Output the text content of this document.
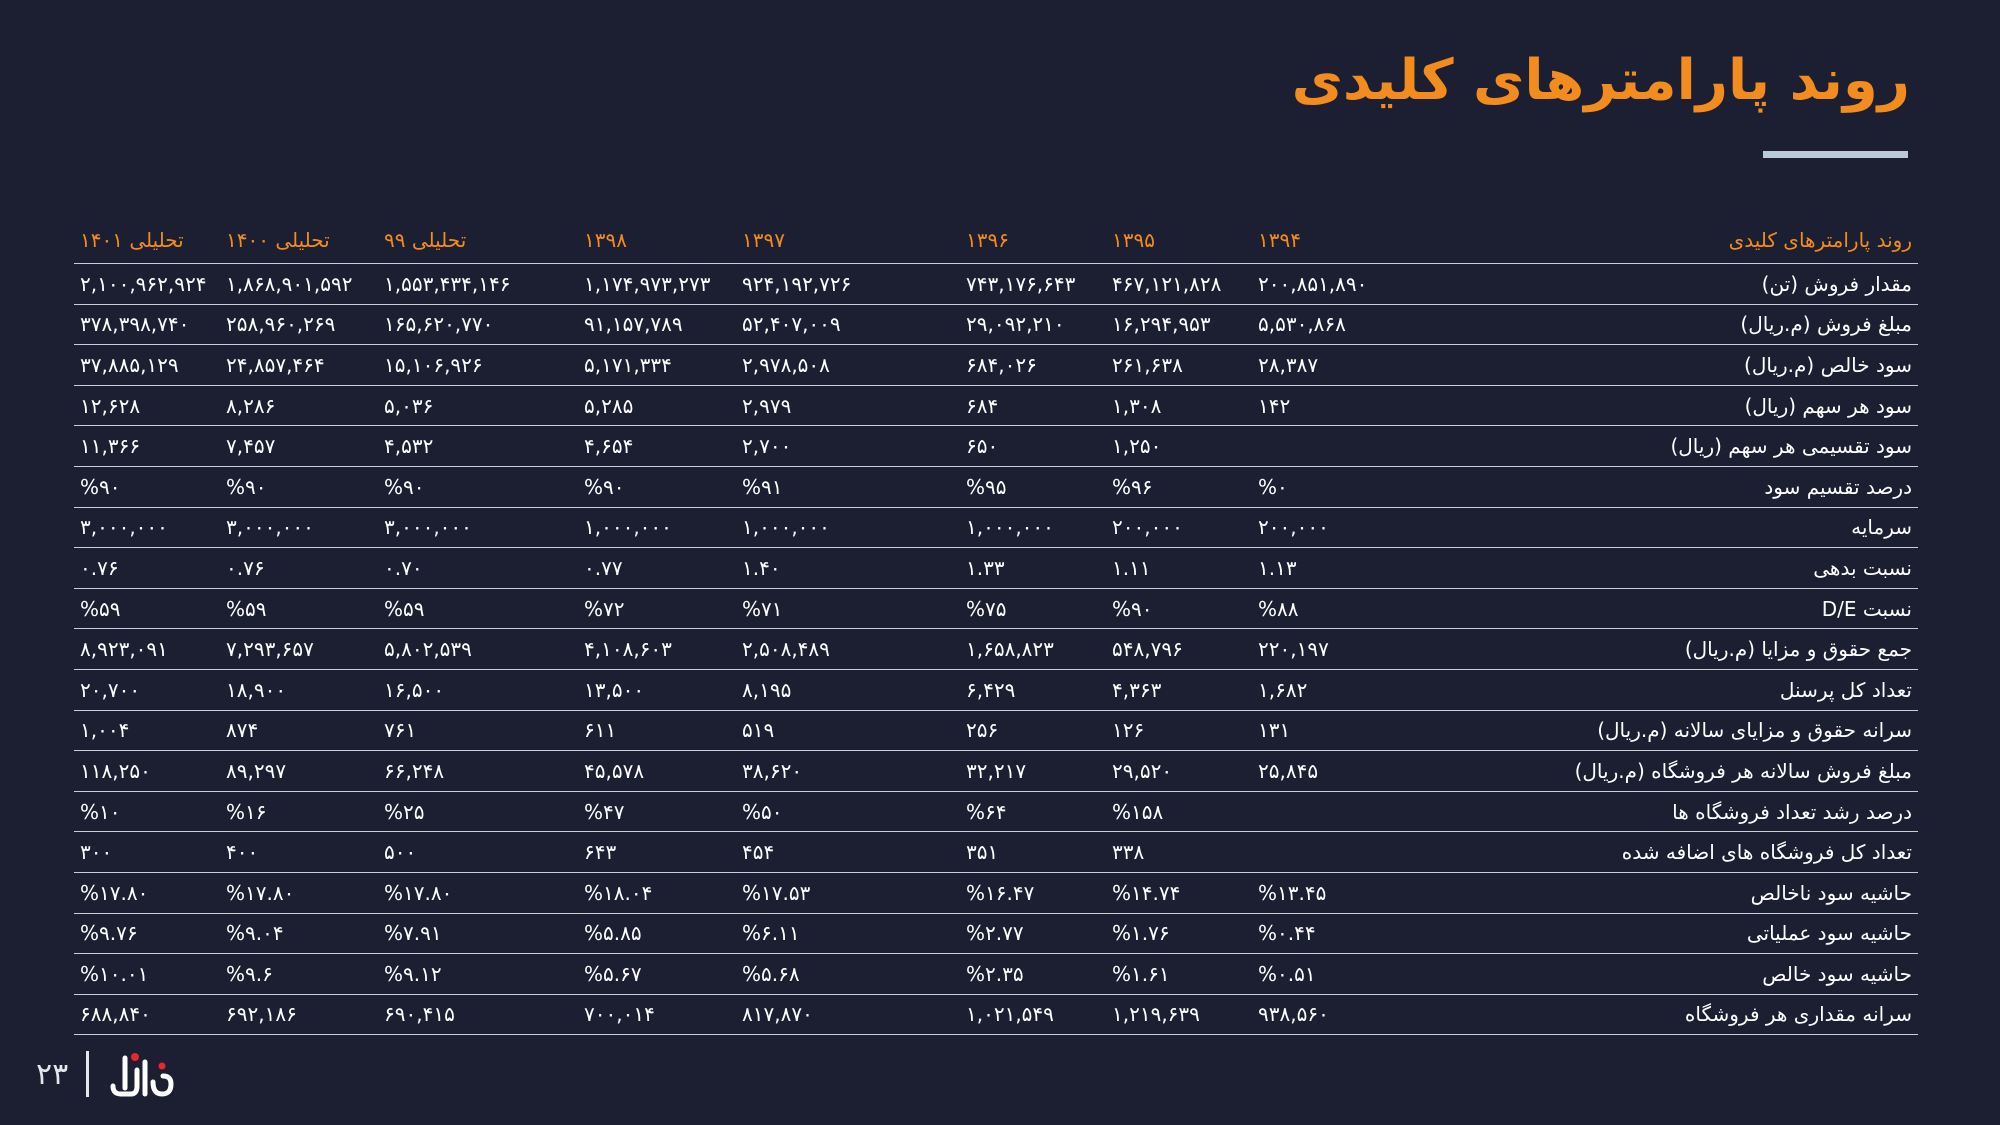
روند پارامترهای کلیدی
روند پارامترهای کلیدی	۱۳۹۴	۱۳۹۵	۱۳۹۶	۱۳۹۷	۱۳۹۸	تحلیلی ۹۹	تحلیلی ۱۴۰۰	تحلیلی ۱۴۰۱
مقدار فروش (تن)	۲۰۰,۸۵۱,۸۹۰	۴۶۷,۱۲۱,۸۲۸	۷۴۳,۱۷۶,۶۴۳	۹۲۴,۱۹۲,۷۲۶	۱,۱۷۴,۹۷۳,۲۷۳	۱,۵۵۳,۴۳۴,۱۴۶	۱,۸۶۸,۹۰۱,۵۹۲	۲,۱۰۰,۹۶۲,۹۲۴
مبلغ فروش (م.ریال)	۵,۵۳۰,۸۶۸	۱۶,۲۹۴,۹۵۳	۲۹,۰۹۲,۲۱۰	۵۲,۴۰۷,۰۰۹	۹۱,۱۵۷,۷۸۹	۱۶۵,۶۲۰,۷۷۰	۲۵۸,۹۶۰,۲۶۹	۳۷۸,۳۹۸,۷۴۰
سود خالص (م.ریال)	۲۸,۳۸۷	۲۶۱,۶۳۸	۶۸۴,۰۲۶	۲,۹۷۸,۵۰۸	۵,۱۷۱,۳۳۴	۱۵,۱۰۶,۹۲۶	۲۴,۸۵۷,۴۶۴	۳۷,۸۸۵,۱۲۹
سود هر سهم (ریال)	۱۴۲	۱,۳۰۸	۶۸۴	۲,۹۷۹	۵,۲۸۵	۵,۰۳۶	۸,۲۸۶	۱۲,۶۲۸
سود تقسیمی هر سهم (ریال)		۱,۲۵۰	۶۵۰	۲,۷۰۰	۴,۶۵۴	۴,۵۳۲	۷,۴۵۷	۱۱,۳۶۶
درصد تقسیم سود	%۰	%۹۶	%۹۵	%۹۱	%۹۰	%۹۰	%۹۰	%۹۰
سرمایه	۲۰۰,۰۰۰	۲۰۰,۰۰۰	۱,۰۰۰,۰۰۰	۱,۰۰۰,۰۰۰	۱,۰۰۰,۰۰۰	۳,۰۰۰,۰۰۰	۳,۰۰۰,۰۰۰	۳,۰۰۰,۰۰۰
نسبت بدهی	۱.۱۳	۱.۱۱	۱.۳۳	۱.۴۰	۰.۷۷	۰.۷۰	۰.۷۶	۰.۷۶
نسبت D/E	%۸۸	%۹۰	%۷۵	%۷۱	%۷۲	%۵۹	%۵۹	%۵۹
جمع حقوق و مزایا (م.ریال)	۲۲۰,۱۹۷	۵۴۸,۷۹۶	۱,۶۵۸,۸۲۳	۲,۵۰۸,۴۸۹	۴,۱۰۸,۶۰۳	۵,۸۰۲,۵۳۹	۷,۲۹۳,۶۵۷	۸,۹۲۳,۰۹۱
تعداد کل پرسنل	۱,۶۸۲	۴,۳۶۳	۶,۴۲۹	۸,۱۹۵	۱۳,۵۰۰	۱۶,۵۰۰	۱۸,۹۰۰	۲۰,۷۰۰
سرانه حقوق و مزایای سالانه (م.ریال)	۱۳۱	۱۲۶	۲۵۶	۵۱۹	۶۱۱	۷۶۱	۸۷۴	۱,۰۰۴
مبلغ فروش سالانه هر فروشگاه (م.ریال)	۲۵,۸۴۵	۲۹,۵۲۰	۳۲,۲۱۷	۳۸,۶۲۰	۴۵,۵۷۸	۶۶,۲۴۸	۸۹,۲۹۷	۱۱۸,۲۵۰
درصد رشد تعداد فروشگاه ها		%۱۵۸	%۶۴	%۵۰	%۴۷	%۲۵	%۱۶	%۱۰
تعداد کل فروشگاه های اضافه شده		۳۳۸	۳۵۱	۴۵۴	۶۴۳	۵۰۰	۴۰۰	۳۰۰
حاشیه سود ناخالص	%۱۳.۴۵	%۱۴.۷۴	%۱۶.۴۷	%۱۷.۵۳	%۱۸.۰۴	%۱۷.۸۰	%۱۷.۸۰	%۱۷.۸۰
حاشیه سود عملیاتی	%۰.۴۴	%۱.۷۶	%۲.۷۷	%۶.۱۱	%۵.۸۵	%۷.۹۱	%۹.۰۴	%۹.۷۶
حاشیه سود خالص	%۰.۵۱	%۱.۶۱	%۲.۳۵	%۵.۶۸	%۵.۶۷	%۹.۱۲	%۹.۶	%۱۰.۰۱
سرانه مقداری هر فروشگاه	۹۳۸,۵۶۰	۱,۲۱۹,۶۳۹	۱,۰۲۱,۵۴۹	۸۱۷,۸۷۰	۷۰۰,۰۱۴	۶۹۰,۴۱۵	۶۹۲,۱۸۶	۶۸۸,۸۴۰
۲۳
